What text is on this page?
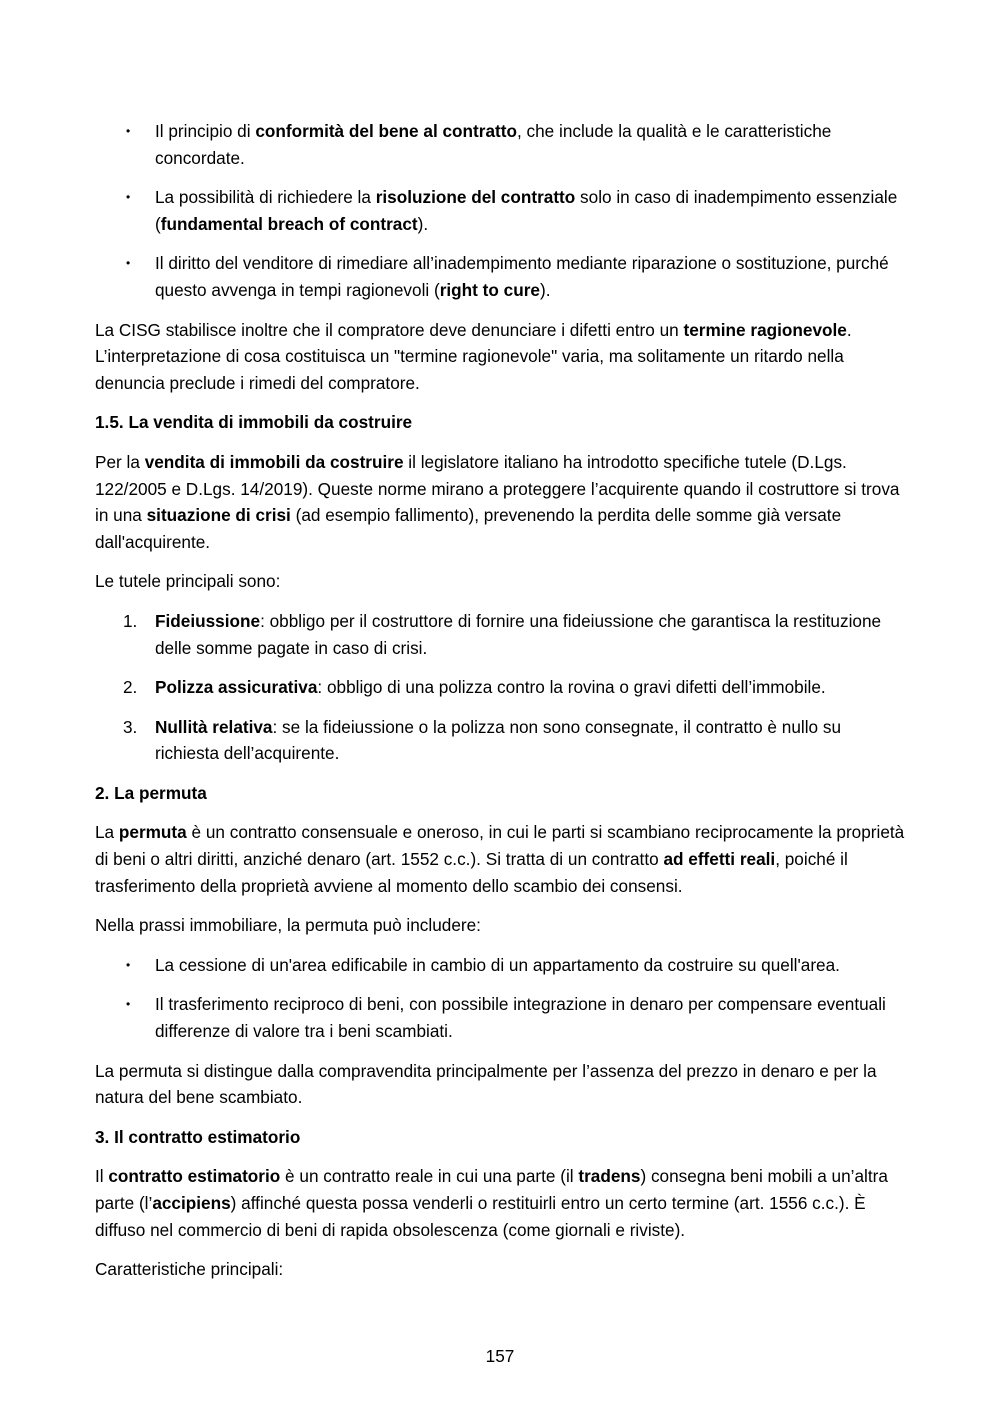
•	Il principio di conformità del bene al contratto, che include la qualità e le caratteristiche concordate.
•	La possibilità di richiedere la risoluzione del contratto solo in caso di inadempimento essenziale (fundamental breach of contract).
•	Il diritto del venditore di rimediare all’inadempimento mediante riparazione o sostituzione, purché questo avvenga in tempi ragionevoli (right to cure).

La CISG stabilisce inoltre che il compratore deve denunciare i difetti entro un termine ragionevole. L’interpretazione di cosa costituisca un "termine ragionevole" varia, ma solitamente un ritardo nella denuncia preclude i rimedi del compratore.

1.5. La vendita di immobili da costruire

Per la vendita di immobili da costruire il legislatore italiano ha introdotto specifiche tutele (D.Lgs. 122/2005 e D.Lgs. 14/2019). Queste norme mirano a proteggere l’acquirente quando il costruttore si trova in una situazione di crisi (ad esempio fallimento), prevenendo la perdita delle somme già versate dall'acquirente.

Le tutele principali sono:

1.	Fideiussione: obbligo per il costruttore di fornire una fideiussione che garantisca la restituzione delle somme pagate in caso di crisi.
2.	Polizza assicurativa: obbligo di una polizza contro la rovina o gravi difetti dell’immobile.
3.	Nullità relativa: se la fideiussione o la polizza non sono consegnate, il contratto è nullo su richiesta dell’acquirente.
2. La permuta

La permuta è un contratto consensuale e oneroso, in cui le parti si scambiano reciprocamente la proprietà di beni o altri diritti, anziché denaro (art. 1552 c.c.). Si tratta di un contratto ad effetti reali, poiché il trasferimento della proprietà avviene al momento dello scambio dei consensi.

Nella prassi immobiliare, la permuta può includere:

•	La cessione di un'area edificabile in cambio di un appartamento da costruire su quell'area.
•	Il trasferimento reciproco di beni, con possibile integrazione in denaro per compensare eventuali differenze di valore tra i beni scambiati.

La permuta si distingue dalla compravendita principalmente per l’assenza del prezzo in denaro e per la natura del bene scambiato.

3. Il contratto estimatorio

Il contratto estimatorio è un contratto reale in cui una parte (il tradens) consegna beni mobili a un’altra parte (l’accipiens) affinché questa possa venderli o restituirli entro un certo termine (art. 1556 c.c.). È diffuso nel commercio di beni di rapida obsolescenza (come giornali e riviste).

Caratteristiche principali:

157
